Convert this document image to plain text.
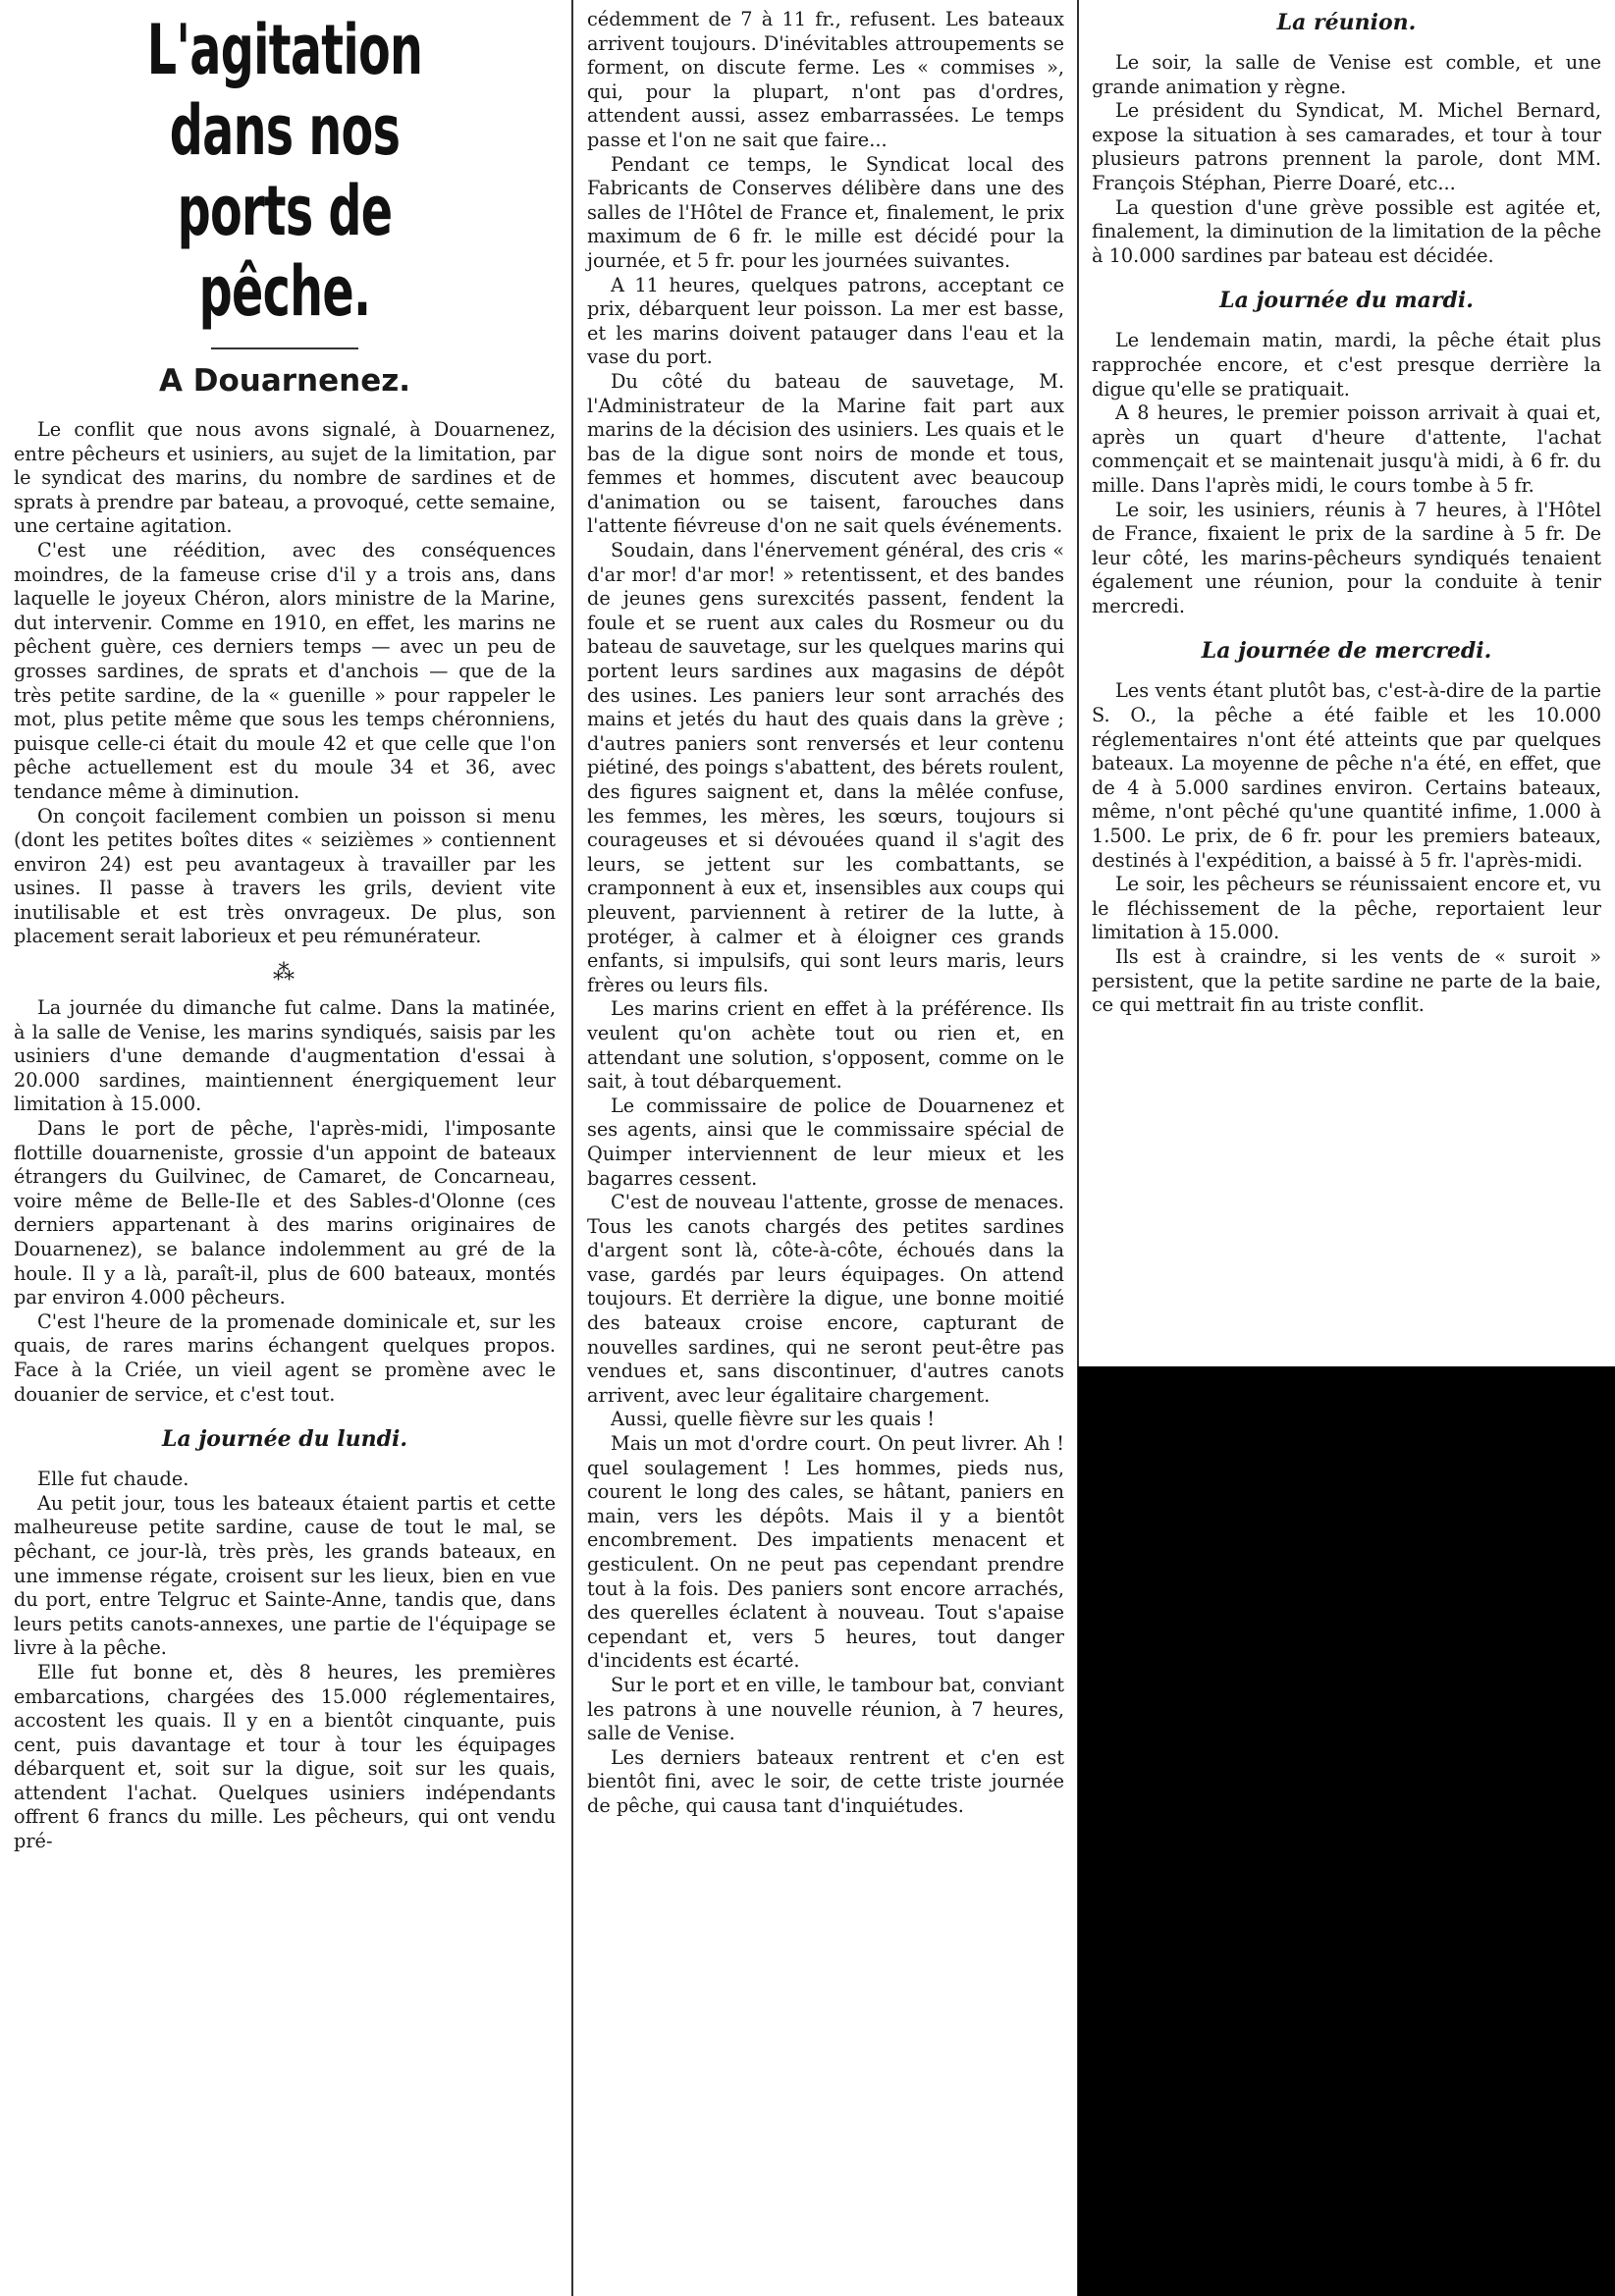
L'agitation
dans nos ports de pêche.
A Douarnenez.

Le conflit que nous avons signalé, à Douarnenez, entre pêcheurs et usiniers, au sujet de la limitation, par le syndicat des marins, du nombre de sardines et de sprats à prendre par bateau, a provoqué, cette semaine, une certaine agitation.

C'est une réédition, avec des conséquences moindres, de la fameuse crise d'il y a trois ans, dans laquelle le joyeux Chéron, alors ministre de la Marine, dut intervenir. Comme en 1910, en effet, les marins ne pêchent guère, ces derniers temps — avec un peu de grosses sardines, de sprats et d'anchois — que de la très petite sardine, de la « guenille » pour rappeler le mot, plus petite même que sous les temps chéronniens, puisque celle-ci était du moule 42 et que celle que l'on pêche actuellement est du moule 34 et 36, avec tendance même à diminution.

On conçoit facilement combien un poisson si menu (dont les petites boîtes dites « seizièmes » contiennent environ 24) est peu avantageux à travailler par les usines. Il passe à travers les grils, devient vite inutilisable et est très onvrageux. De plus, son placement serait laborieux et peu rémunérateur.

⁂

La journée du dimanche fut calme. Dans la matinée, à la salle de Venise, les marins syndiqués, saisis par les usiniers d'une demande d'augmentation d'essai à 20.000 sardines, maintiennent énergiquement leur limitation à 15.000.

Dans le port de pêche, l'après-midi, l'imposante flottille douarneniste, grossie d'un appoint de bateaux étrangers du Guilvinec, de Camaret, de Concarneau, voire même de Belle-Ile et des Sables-d'Olonne (ces derniers appartenant à des marins originaires de Douarnenez), se balance indolemment au gré de la houle. Il y a là, paraît-il, plus de 600 bateaux, montés par environ 4.000 pêcheurs.

C'est l'heure de la promenade dominicale et, sur les quais, de rares marins échangent quelques propos. Face à la Criée, un vieil agent se promène avec le douanier de service, et c'est tout.

La journée du lundi.

Elle fut chaude.

Au petit jour, tous les bateaux étaient partis et cette malheureuse petite sardine, cause de tout le mal, se pêchant, ce jour-là, très près, les grands bateaux, en une immense régate, croisent sur les lieux, bien en vue du port, entre Telgruc et Sainte-Anne, tandis que, dans leurs petits canots-annexes, une partie de l'équipage se livre à la pêche.

Elle fut bonne et, dès 8 heures, les premières embarcations, chargées des 15.000 réglementaires, accostent les quais. Il y en a bientôt cinquante, puis cent, puis davantage et tour à tour les équipages débarquent et, soit sur la digue, soit sur les quais, attendent l'achat. Quelques usiniers indépendants offrent 6 francs du mille. Les pêcheurs, qui ont vendu pré-

cédemment de 7 à 11 fr., refusent. Les bateaux arrivent toujours. D'inévitables attroupements se forment, on discute ferme. Les « commises », qui, pour la plupart, n'ont pas d'ordres, attendent aussi, assez embarrassées. Le temps passe et l'on ne sait que faire...

Pendant ce temps, le Syndicat local des Fabricants de Conserves délibère dans une des salles de l'Hôtel de France et, finalement, le prix maximum de 6 fr. le mille est décidé pour la journée, et 5 fr. pour les journées suivantes.

A 11 heures, quelques patrons, acceptant ce prix, débarquent leur poisson. La mer est basse, et les marins doivent patauger dans l'eau et la vase du port.

Du côté du bateau de sauvetage, M. l'Administrateur de la Marine fait part aux marins de la décision des usiniers. Les quais et le bas de la digue sont noirs de monde et tous, femmes et hommes, discutent avec beaucoup d'animation ou se taisent, farouches dans l'attente fiévreuse d'on ne sait quels événements.

Soudain, dans l'énervement général, des cris « d'ar mor! d'ar mor! » retentissent, et des bandes de jeunes gens surexcités passent, fendent la foule et se ruent aux cales du Rosmeur ou du bateau de sauvetage, sur les quelques marins qui portent leurs sardines aux magasins de dépôt des usines. Les paniers leur sont arrachés des mains et jetés du haut des quais dans la grève ; d'autres paniers sont renversés et leur contenu piétiné, des poings s'abattent, des bérets roulent, des figures saignent et, dans la mêlée confuse, les femmes, les mères, les sœurs, toujours si courageuses et si dévouées quand il s'agit des leurs, se jettent sur les combattants, se cramponnent à eux et, insensibles aux coups qui pleuvent, parviennent à retirer de la lutte, à protéger, à calmer et à éloigner ces grands enfants, si impulsifs, qui sont leurs maris, leurs frères ou leurs fils.

Les marins crient en effet à la préférence. Ils veulent qu'on achète tout ou rien et, en attendant une solution, s'opposent, comme on le sait, à tout débarquement.

Le commissaire de police de Douarnenez et ses agents, ainsi que le commissaire spécial de Quimper interviennent de leur mieux et les bagarres cessent.

C'est de nouveau l'attente, grosse de menaces. Tous les canots chargés des petites sardines d'argent sont là, côte-à-côte, échoués dans la vase, gardés par leurs équipages. On attend toujours. Et derrière la digue, une bonne moitié des bateaux croise encore, capturant de nouvelles sardines, qui ne seront peut-être pas vendues et, sans discontinuer, d'autres canots arrivent, avec leur égalitaire chargement.

Aussi, quelle fièvre sur les quais !

Mais un mot d'ordre court. On peut livrer. Ah ! quel soulagement ! Les hommes, pieds nus, courent le long des cales, se hâtant, paniers en main, vers les dépôts. Mais il y a bientôt encombrement. Des impatients menacent et gesticulent. On ne peut pas cependant prendre tout à la fois. Des paniers sont encore arrachés, des querelles éclatent à nouveau. Tout s'apaise cependant et, vers 5 heures, tout danger d'incidents est écarté.

Sur le port et en ville, le tambour bat, conviant les patrons à une nouvelle réunion, à 7 heures, salle de Venise.

Les derniers bateaux rentrent et c'en est bientôt fini, avec le soir, de cette triste journée de pêche, qui causa tant d'inquiétudes.

La réunion.

Le soir, la salle de Venise est comble, et une grande animation y règne.

Le président du Syndicat, M. Michel Bernard, expose la situation à ses camarades, et tour à tour plusieurs patrons prennent la parole, dont MM. François Stéphan, Pierre Doaré, etc...

La question d'une grève possible est agitée et, finalement, la diminution de la limitation de la pêche à 10.000 sardines par bateau est décidée.

La journée du mardi.

Le lendemain matin, mardi, la pêche était plus rapprochée encore, et c'est presque derrière la digue qu'elle se pratiquait.

A 8 heures, le premier poisson arrivait à quai et, après un quart d'heure d'attente, l'achat commençait et se maintenait jusqu'à midi, à 6 fr. du mille. Dans l'après midi, le cours tombe à 5 fr.

Le soir, les usiniers, réunis à 7 heures, à l'Hôtel de France, fixaient le prix de la sardine à 5 fr. De leur côté, les marins-pêcheurs syndiqués tenaient également une réunion, pour la conduite à tenir mercredi.

La journée de mercredi.

Les vents étant plutôt bas, c'est-à-dire de la partie S. O., la pêche a été faible et les 10.000 réglementaires n'ont été atteints que par quelques bateaux. La moyenne de pêche n'a été, en effet, que de 4 à 5.000 sardines environ. Certains bateaux, même, n'ont pêché qu'une quantité infime, 1.000 à 1.500. Le prix, de 6 fr. pour les premiers bateaux, destinés à l'expédition, a baissé à 5 fr. l'après-midi.

Le soir, les pêcheurs se réunissaient encore et, vu le fléchissement de la pêche, reportaient leur limitation à 15.000.

Ils est à craindre, si les vents de « suroit » persistent, que la petite sardine ne parte de la baie, ce qui mettrait fin au triste conflit.
